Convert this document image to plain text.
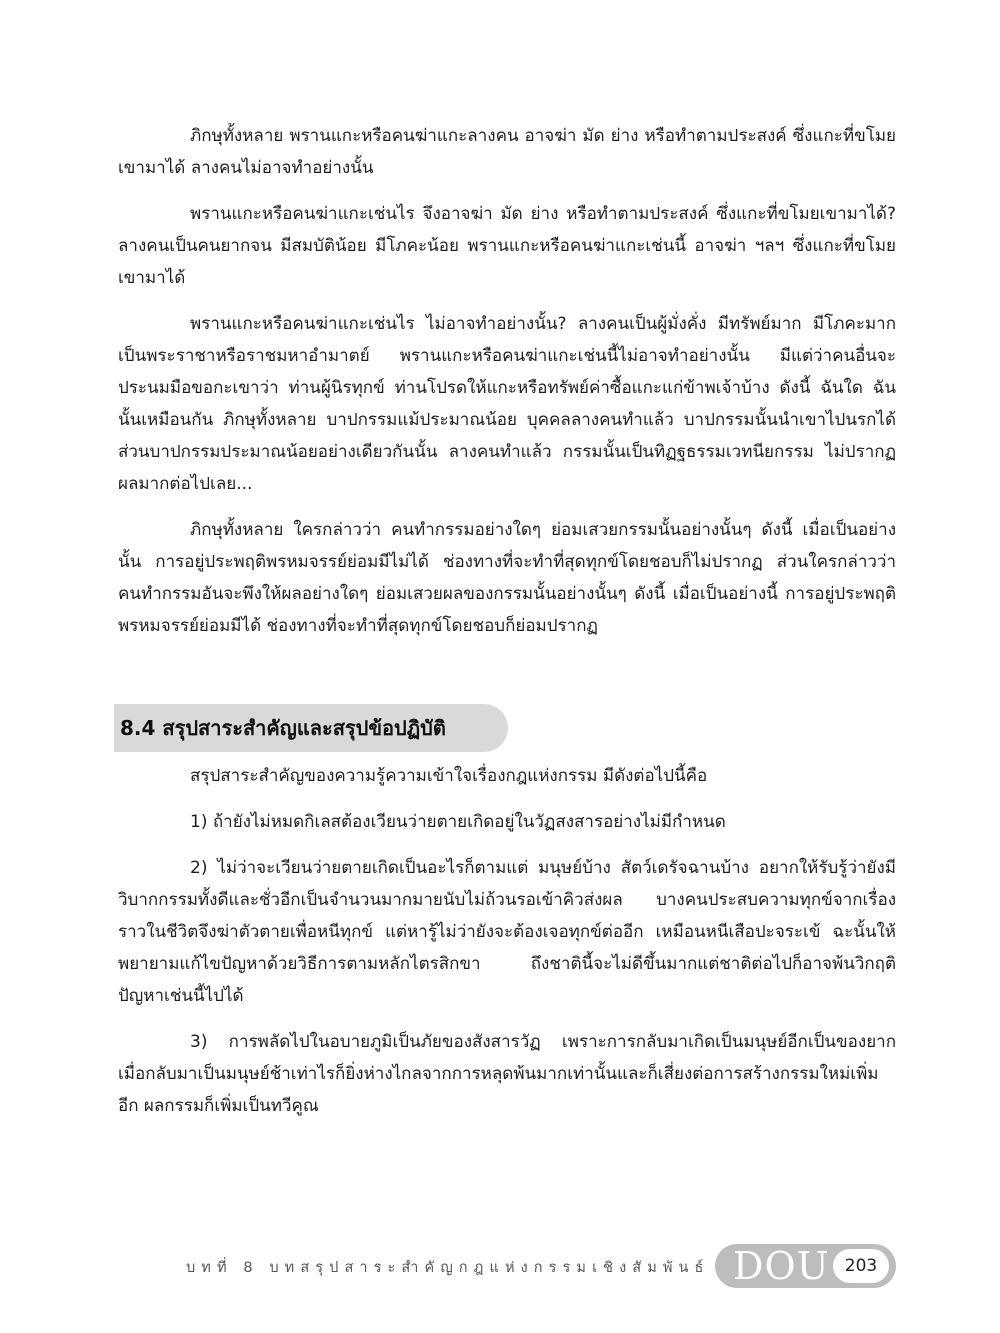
ภิกษุทั้งหลาย พรานแกะหรือคนฆ่าแกะลางคน อาจฆ่า มัด ย่าง หรือทำตามประสงค์ ซึ่งแกะที่ขโมยเขามาได้ ลางคนไม่อาจทำอย่างนั้น

พรานแกะหรือคนฆ่าแกะเช่นไร จึงอาจฆ่า มัด ย่าง หรือทำตามประสงค์ ซึ่งแกะที่ขโมยเขามาได้? ลางคนเป็นคนยากจน มีสมบัติน้อย มีโภคะน้อย พรานแกะหรือคนฆ่าแกะเช่นนี้ อาจฆ่า ฯลฯ ซึ่งแกะที่ขโมยเขามาได้

พรานแกะหรือคนฆ่าแกะเช่นไร ไม่อาจทำอย่างนั้น? ลางคนเป็นผู้มั่งคั่ง มีทรัพย์มาก มีโภคะมาก เป็นพระราชาหรือราชมหาอำมาตย์ พรานแกะหรือคนฆ่าแกะเช่นนี้ไม่อาจทำอย่างนั้น มีแต่ว่าคนอื่นจะประนมมือขอกะเขาว่า ท่านผู้นิรทุกข์ ท่านโปรดให้แกะหรือทรัพย์ค่าซื้อแกะแก่ข้าพเจ้าบ้าง ดังนี้ ฉันใด ฉันนั้นเหมือนกัน ภิกษุทั้งหลาย บาปกรรมแม้ประมาณน้อย บุคคลลางคนทำแล้ว บาปกรรมนั้นนำเขาไปนรกได้ ส่วนบาปกรรมประมาณน้อยอย่างเดียวกันนั้น ลางคนทำแล้ว กรรมนั้นเป็นทิฏฐธรรมเวทนียกรรม ไม่ปรากฏผลมากต่อไปเลย...

ภิกษุทั้งหลาย ใครกล่าวว่า คนทำกรรมอย่างใดๆ ย่อมเสวยกรรมนั้นอย่างนั้นๆ ดังนี้ เมื่อเป็นอย่างนั้น การอยู่ประพฤติพรหมจรรย์ย่อมมีไม่ได้ ช่องทางที่จะทำที่สุดทุกข์โดยชอบก็ไม่ปรากฏ ส่วนใครกล่าวว่า คนทำกรรมอันจะพึงให้ผลอย่างใดๆ ย่อมเสวยผลของกรรมนั้นอย่างนั้นๆ ดังนี้ เมื่อเป็นอย่างนี้ การอยู่ประพฤติพรหมจรรย์ย่อมมีได้ ช่องทางที่จะทำที่สุดทุกข์โดยชอบก็ย่อมปรากฏ

8.4 สรุปสาระสำคัญและสรุปข้อปฏิบัติ

สรุปสาระสำคัญของความรู้ความเข้าใจเรื่องกฎแห่งกรรม มีดังต่อไปนี้คือ

1) ถ้ายังไม่หมดกิเลสต้องเวียนว่ายตายเกิดอยู่ในวัฏสงสารอย่างไม่มีกำหนด

2) ไม่ว่าจะเวียนว่ายตายเกิดเป็นอะไรก็ตามแต่ มนุษย์บ้าง สัตว์เดรัจฉานบ้าง อยากให้รับรู้ว่ายังมีวิบากกรรมทั้งดีและชั่วอีกเป็นจำนวนมากมายนับไม่ถ้วนรอเข้าคิวส่งผล บางคนประสบความทุกข์จากเรื่องราวในชีวิตจึงฆ่าตัวตายเพื่อหนีทุกข์ แต่หารู้ไม่ว่ายังจะต้องเจอทุกข์ต่ออีก เหมือนหนีเสือปะจระเข้ ฉะนั้นให้พยายามแก้ไขปัญหาด้วยวิธีการตามหลักไตรสิกขา ถึงชาตินี้จะไม่ดีขึ้นมากแต่ชาติต่อไปก็อาจพ้นวิกฤติปัญหาเช่นนี้ไปได้

3) การพลัดไปในอบายภูมิเป็นภัยของสังสารวัฏ เพราะการกลับมาเกิดเป็นมนุษย์อีกเป็นของยาก เมื่อกลับมาเป็นมนุษย์ช้าเท่าไรก็ยิ่งห่างไกลจากการหลุดพ้นมากเท่านั้นและก็เสี่ยงต่อการสร้างกรรมใหม่เพิ่มอีก ผลกรรมก็เพิ่มเป็นทวีคูณ

บทที่ 8 บทสรุปสาระสำคัญกฎแห่งกรรมเชิงสัมพันธ์ DOU 203
